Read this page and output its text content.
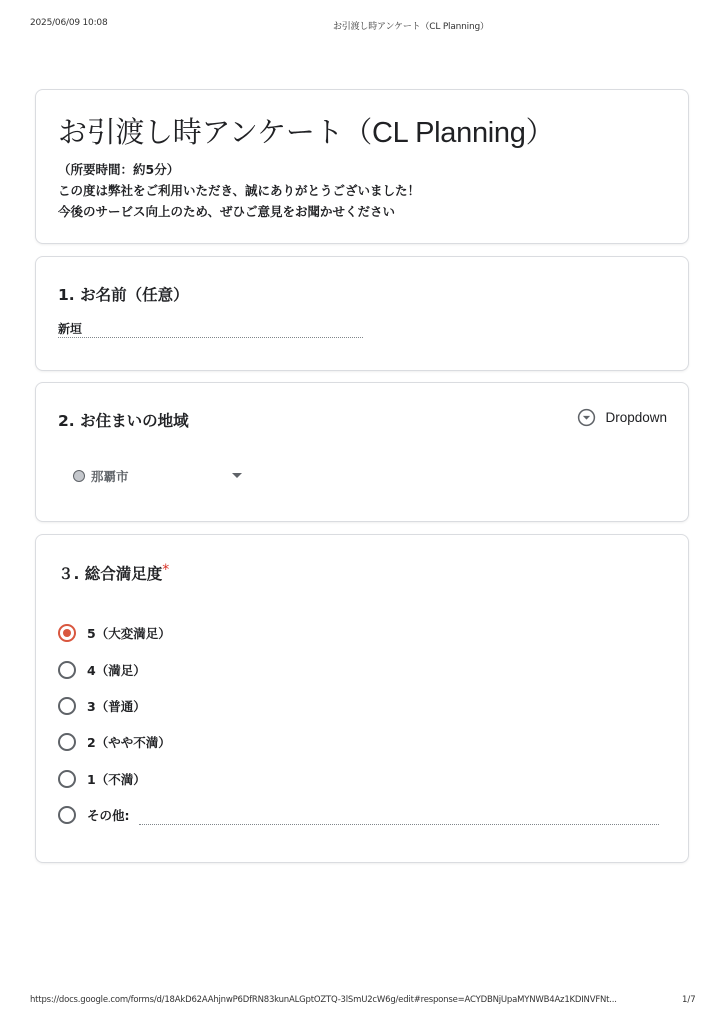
2025/06/09 10:08	お引渡し時アンケート（CL Planning）
お引渡し時アンケート（CL Planning）
（所要時間：約5分）
この度は弊社をご利用いただき、誠にありがとうございました！
今後のサービス向上のため、ぜひご意見をお聞かせください
1. お名前（任意）
新垣
2. お住まいの地域	Dropdown
那覇市
３. 総合満足度*
5（大変満足）
4（満足）
3（普通）
2（やや不満）
1（不満）
その他:
https://docs.google.com/forms/d/18AkD62AAhjnwP6DfRN83kunALGptOZTQ-3lSmU2cW6g/edit#response=ACYDBNjUpaMYNWB4Az1KDINVFNt...	1/7
